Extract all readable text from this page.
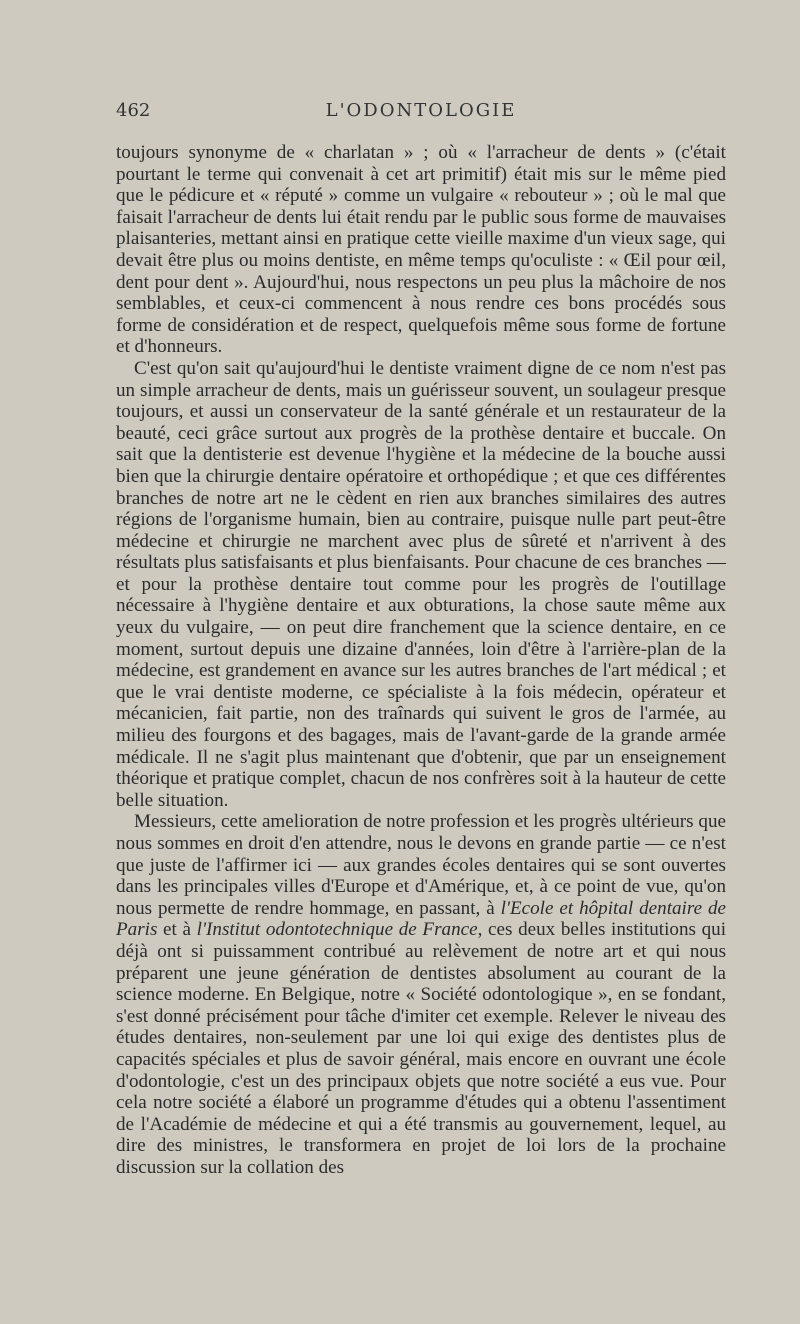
462	L'ODONTOLOGIE

toujours synonyme de « charlatan » ; où « l'arracheur de dents » (c'était pourtant le terme qui convenait à cet art primitif) était mis sur le même pied que le pédicure et « réputé » comme un vulgaire « rebouteur » ; où le mal que faisait l'arracheur de dents lui était rendu par le public sous forme de mauvaises plaisanteries, mettant ainsi en pratique cette vieille maxime d'un vieux sage, qui devait être plus ou moins dentiste, en même temps qu'oculiste : « Œil pour œil, dent pour dent ». Aujourd'hui, nous respectons un peu plus la mâchoire de nos semblables, et ceux-ci commencent à nous rendre ces bons procédés sous forme de considération et de respect, quelquefois même sous forme de fortune et d'honneurs.

C'est qu'on sait qu'aujourd'hui le dentiste vraiment digne de ce nom n'est pas un simple arracheur de dents, mais un guérisseur souvent, un soulageur presque toujours, et aussi un conservateur de la santé générale et un restaurateur de la beauté, ceci grâce surtout aux progrès de la prothèse dentaire et buccale. On sait que la dentisterie est devenue l'hygiène et la médecine de la bouche aussi bien que la chirurgie dentaire opératoire et orthopédique ; et que ces différentes branches de notre art ne le cèdent en rien aux branches similaires des autres régions de l'organisme humain, bien au contraire, puisque nulle part peut-être médecine et chirurgie ne marchent avec plus de sûreté et n'arrivent à des résultats plus satisfaisants et plus bienfaisants. Pour chacune de ces branches — et pour la prothèse dentaire tout comme pour les progrès de l'outillage nécessaire à l'hygiène dentaire et aux obturations, la chose saute même aux yeux du vulgaire, — on peut dire franchement que la science dentaire, en ce moment, surtout depuis une dizaine d'années, loin d'être à l'arrière-plan de la médecine, est grandement en avance sur les autres branches de l'art médical ; et que le vrai dentiste moderne, ce spécialiste à la fois médecin, opérateur et mécanicien, fait partie, non des traînards qui suivent le gros de l'armée, au milieu des fourgons et des bagages, mais de l'avant-garde de la grande armée médicale. Il ne s'agit plus maintenant que d'obtenir, que par un enseignement théorique et pratique complet, chacun de nos confrères soit à la hauteur de cette belle situation.

Messieurs, cette amelioration de notre profession et les progrès ultérieurs que nous sommes en droit d'en attendre, nous le devons en grande partie — ce n'est que juste de l'affirmer ici — aux grandes écoles dentaires qui se sont ouvertes dans les principales villes d'Europe et d'Amérique, et, à ce point de vue, qu'on nous permette de rendre hommage, en passant, à l'Ecole et hôpital dentaire de Paris et à l'Institut odontotechnique de France, ces deux belles institutions qui déjà ont si puissamment contribué au relèvement de notre art et qui nous préparent une jeune génération de dentistes absolument au courant de la science moderne. En Belgique, notre « Société odontologique », en se fondant, s'est donné précisément pour tâche d'imiter cet exemple. Relever le niveau des études dentaires, non-seulement par une loi qui exige des dentistes plus de capacités spéciales et plus de savoir général, mais encore en ouvrant une école d'odontologie, c'est un des principaux objets que notre société a eus vue. Pour cela notre société a élaboré un programme d'études qui a obtenu l'assentiment de l'Académie de médecine et qui a été transmis au gouvernement, lequel, au dire des ministres, le transformera en projet de loi lors de la prochaine discussion sur la collation des
